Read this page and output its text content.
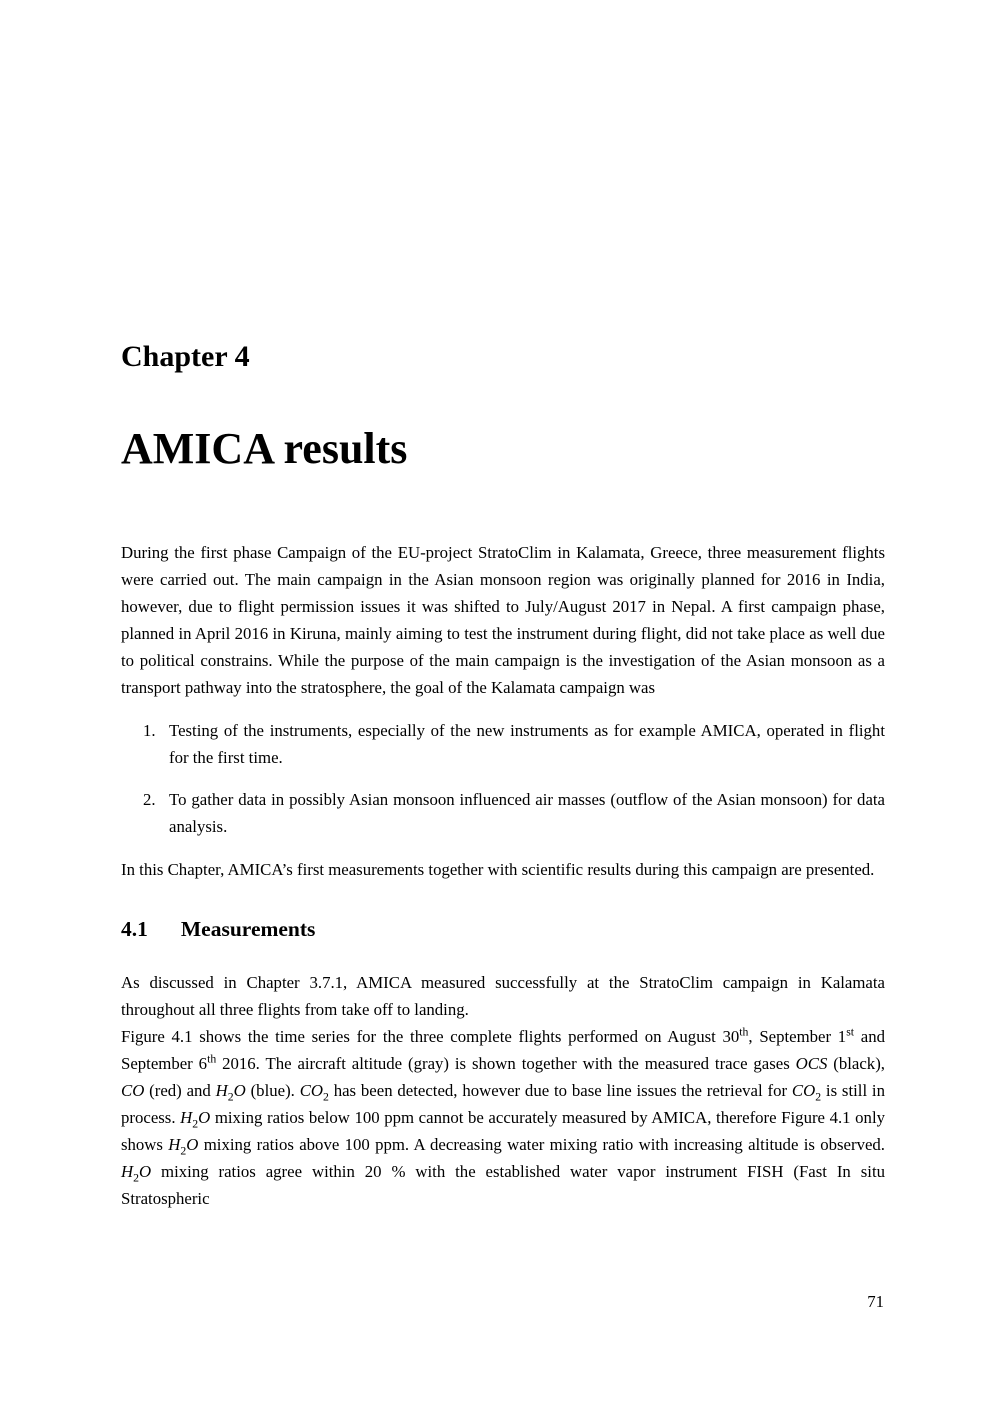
Chapter 4
AMICA results

During the first phase Campaign of the EU-project StratoClim in Kalamata, Greece, three measurement flights were carried out. The main campaign in the Asian monsoon region was originally planned for 2016 in India, however, due to flight permission issues it was shifted to July/August 2017 in Nepal. A first campaign phase, planned in April 2016 in Kiruna, mainly aiming to test the instrument during flight, did not take place as well due to political constrains. While the purpose of the main campaign is the investigation of the Asian monsoon as a transport pathway into the stratosphere, the goal of the Kalamata campaign was

1. Testing of the instruments, especially of the new instruments as for example AMICA, operated in flight for the first time.
2. To gather data in possibly Asian monsoon influenced air masses (outflow of the Asian monsoon) for data analysis.

In this Chapter, AMICA’s first measurements together with scientific results during this campaign are presented.

4.1 Measurements

As discussed in Chapter 3.7.1, AMICA measured successfully at the StratoClim campaign in Kalamata throughout all three flights from take off to landing.

Figure 4.1 shows the time series for the three complete flights performed on August 30th, September 1st and September 6th 2016. The aircraft altitude (gray) is shown together with the measured trace gases OCS (black), CO (red) and $H_2O$ (blue). $CO_2$ has been detected, however due to base line issues the retrieval for $CO_2$ is still in process. $H_2O$ mixing ratios below 100 ppm cannot be accurately measured by AMICA, therefore Figure 4.1 only shows $H_2O$ mixing ratios above 100 ppm. A decreasing water mixing ratio with increasing altitude is observed. $H_2O$ mixing ratios agree within 20 % with the established water vapor instrument FISH (Fast In situ Stratospheric

71
